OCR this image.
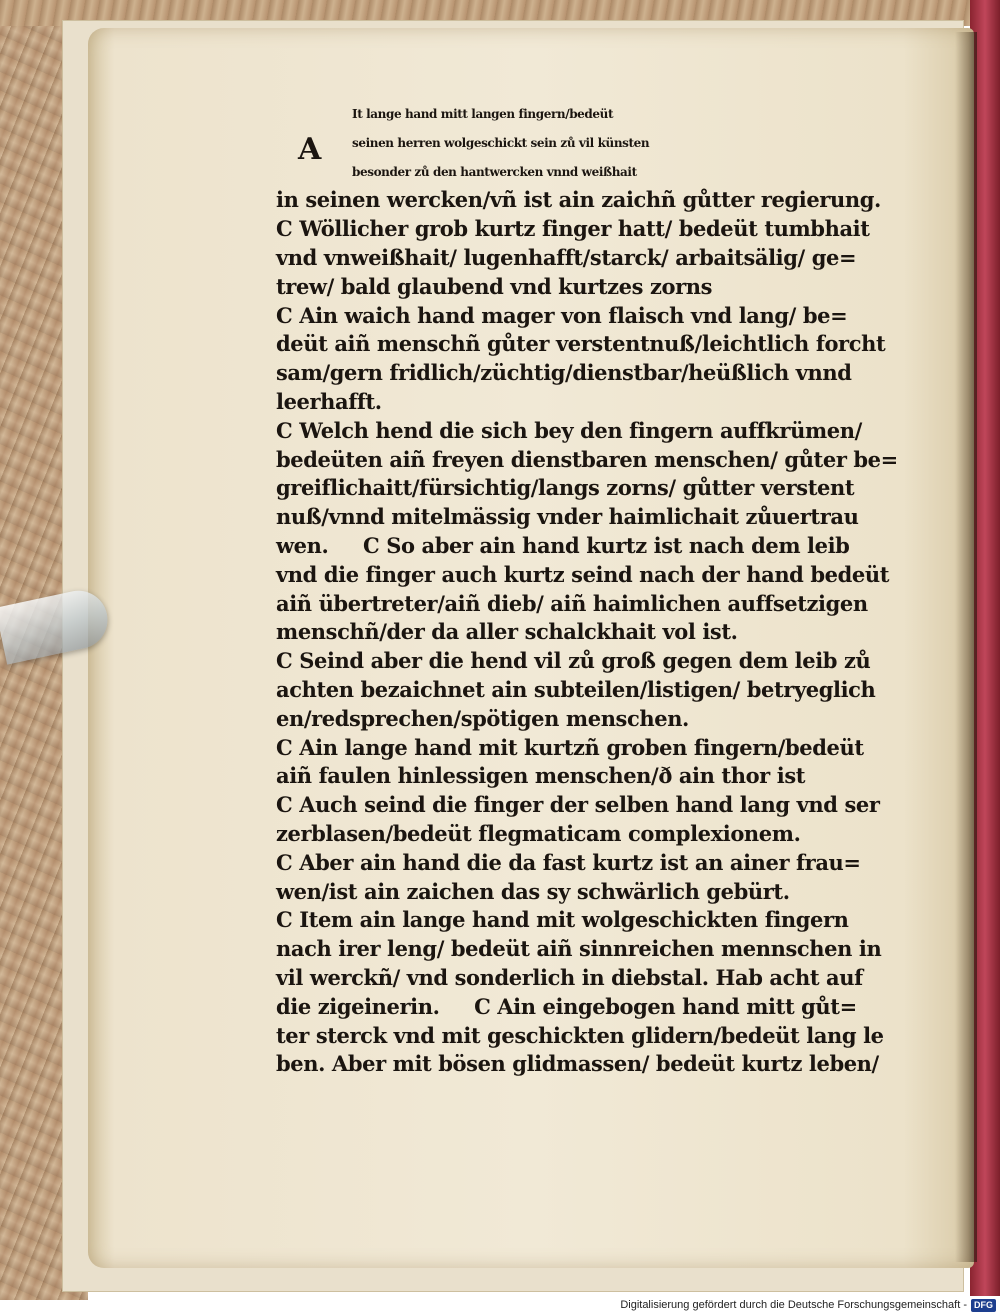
A
It lange hand mitt langen fingern/bedeüt
seinen herren wolgeschickt sein zů vil künsten
besonder zů den hantwercken vnnd weißhait
in seinen wercken/vñ ist ain zaichñ gůtter regierung.
C Wöllicher grob kurtz finger hatt/ bedeüt tumbhait
vnd vnweißhait/ lugenhafft/starck/ arbaitsälig/ ge=
trew/ bald glaubend vnd kurtzes zorns
C Ain waich hand mager von flaisch vnd lang/ be=
deüt aiñ menschñ gůter verstentnuß/leichtlich forcht
sam/gern fridlich/züchtig/dienstbar/heüßlich vnnd
leerhafft.
C Welch hend die sich bey den fingern auffkrümen/
bedeüten aiñ freyen dienstbaren menschen/ gůter be=
greiflichaitt/fürsichtig/langs zorns/ gůtter verstent
nuß/vnnd mitelmässig vnder haimlichait zůuertrau
wen.     C So aber ain hand kurtz ist nach dem leib
vnd die finger auch kurtz seind nach der hand bedeüt
aiñ übertreter/aiñ dieb/ aiñ haimlichen auffsetzigen
menschñ/der da aller schalckhait vol ist.
C Seind aber die hend vil zů groß gegen dem leib zů
achten bezaichnet ain subteilen/listigen/ betryeglich
en/redsprechen/spötigen menschen.
C Ain lange hand mit kurtzñ groben fingern/bedeüt
aiñ faulen hinlessigen menschen/ð ain thor ist
C Auch seind die finger der selben hand lang vnd ser
zerblasen/bedeüt flegmaticam complexionem.
C Aber ain hand die da fast kurtz ist an ainer frau=
wen/ist ain zaichen das sy schwärlich gebürt.
C Item ain lange hand mit wolgeschickten fingern
nach irer leng/ bedeüt aiñ sinnreichen mennschen in
vil werckñ/ vnd sonderlich in diebstal. Hab acht auf
die zigeinerin.     C Ain eingebogen hand mitt gůt=
ter sterck vnd mit geschickten glidern/bedeüt lang le
ben. Aber mit bösen glidmassen/ bedeüt kurtz leben/
Digitalisierung gefördert durch die Deutsche Forschungsgemeinschaft - DFG
